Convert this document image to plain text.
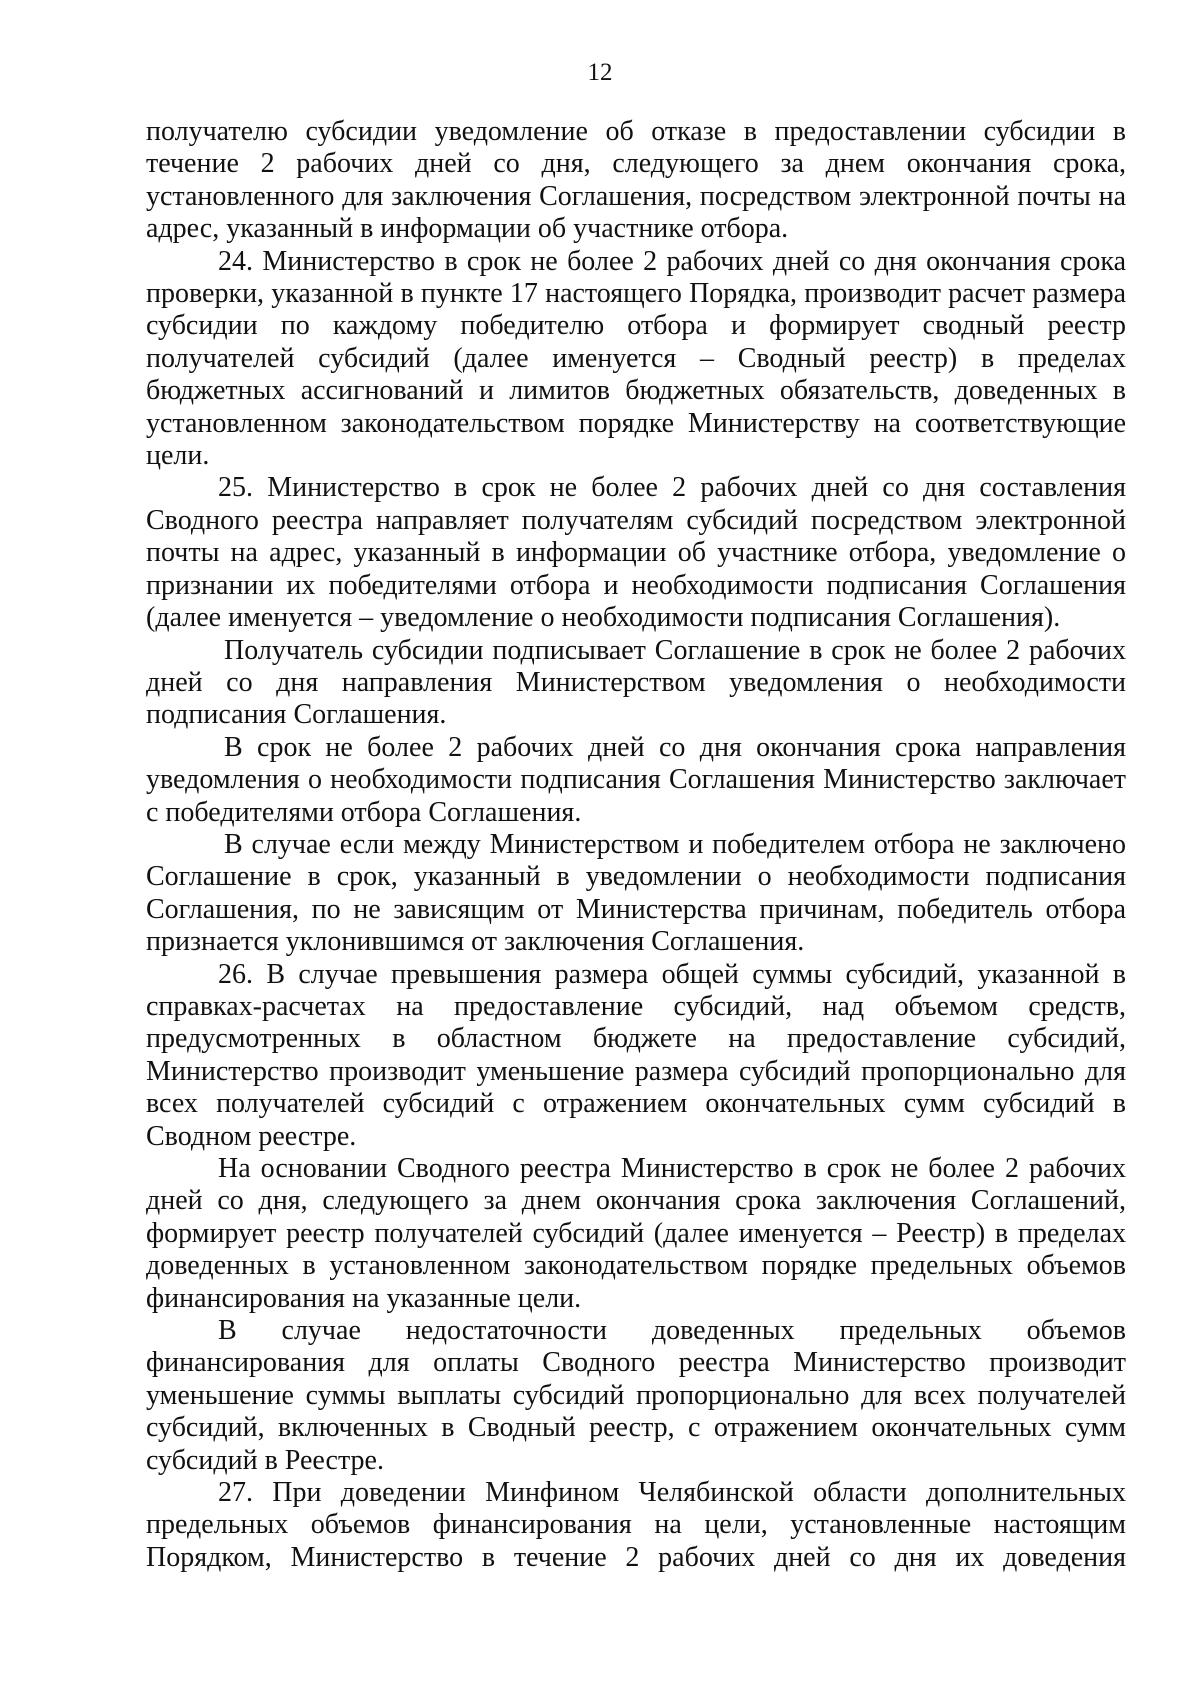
12

получателю субсидии уведомление об отказе в предоставлении субсидии в течение 2 рабочих дней со дня, следующего за днем окончания срока, установленного для заключения Соглашения, посредством электронной почты на адрес, указанный в информации об участнике отбора.

24. Министерство в срок не более 2 рабочих дней со дня окончания срока проверки, указанной в пункте 17 настоящего Порядка, производит расчет размера субсидии по каждому победителю отбора и формирует сводный реестр получателей субсидий (далее именуется – Сводный реестр) в пределах бюджетных ассигнований и лимитов бюджетных обязательств, доведенных в установленном законодательством порядке Министерству на соответствующие цели.

25. Министерство в срок не более 2 рабочих дней со дня составления Сводного реестра направляет получателям субсидий посредством электронной почты на адрес, указанный в информации об участнике отбора, уведомление о признании их победителями отбора и необходимости подписания Соглашения (далее именуется – уведомление о необходимости подписания Соглашения).

Получатель субсидии подписывает Соглашение в срок не более 2 рабочих дней со дня направления Министерством уведомления о необходимости подписания Соглашения.

В срок не более 2 рабочих дней со дня окончания срока направления уведомления о необходимости подписания Соглашения Министерство заключает с победителями отбора Соглашения.

В случае если между Министерством и победителем отбора не заключено Соглашение в срок, указанный в уведомлении о необходимости подписания Соглашения, по не зависящим от Министерства причинам, победитель отбора признается уклонившимся от заключения Соглашения.

26. В случае превышения размера общей суммы субсидий, указанной в справках-расчетах на предоставление субсидий, над объемом средств, предусмотренных в областном бюджете на предоставление субсидий, Министерство производит уменьшение размера субсидий пропорционально для всех получателей субсидий с отражением окончательных сумм субсидий в Сводном реестре.

На основании Сводного реестра Министерство в срок не более 2 рабочих дней со дня, следующего за днем окончания срока заключения Соглашений, формирует реестр получателей субсидий (далее именуется – Реестр) в пределах доведенных в установленном законодательством порядке предельных объемов финансирования на указанные цели.

В случае недостаточности доведенных предельных объемов финансирования для оплаты Сводного реестра Министерство производит уменьшение суммы выплаты субсидий пропорционально для всех получателей субсидий, включенных в Сводный реестр, с отражением окончательных сумм субсидий в Реестре.

27. При доведении Минфином Челябинской области дополнительных предельных объемов финансирования на цели, установленные настоящим Порядком, Министерство в течение 2 рабочих дней со дня их доведения
